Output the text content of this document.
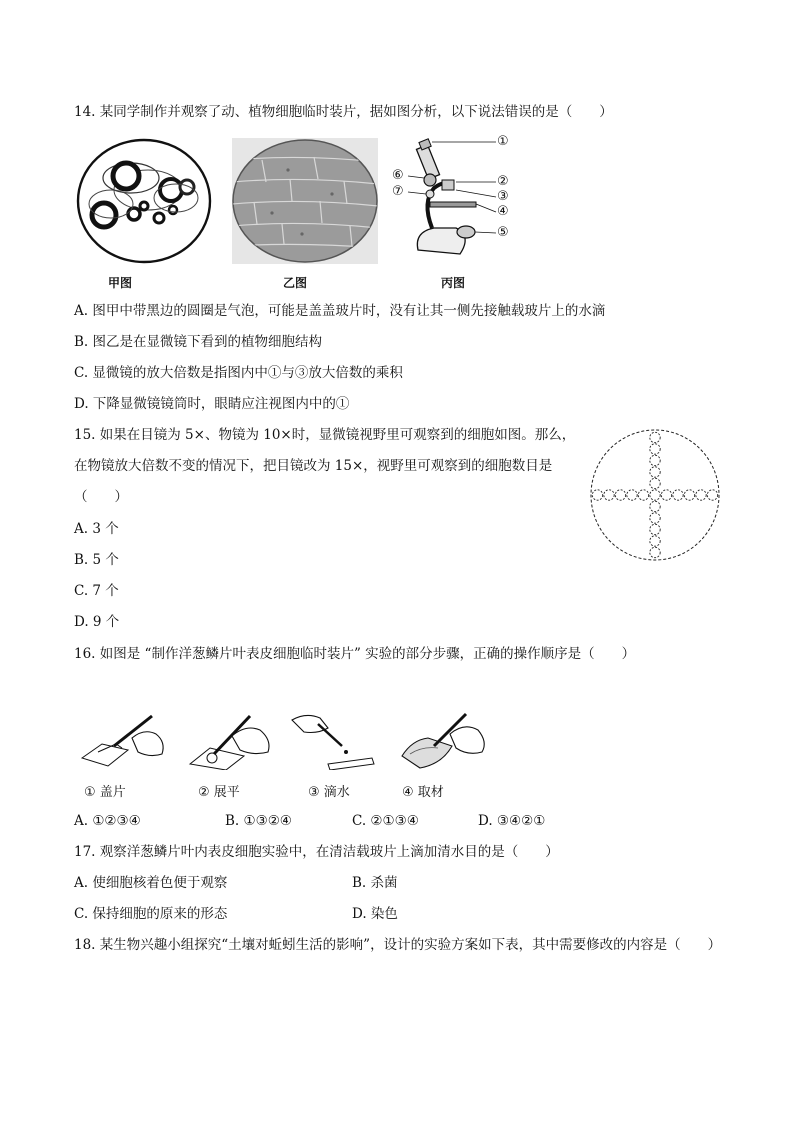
14. 某同学制作并观察了动、植物细胞临时装片，据如图分析，以下说法错误的是（　　）
甲图	乙图
①
②
③
④
⑤
⑥
⑦
丙图
A. 图甲中带黑边的圆圈是气泡，可能是盖盖玻片时，没有让其一侧先接触载玻片上的水滴
B. 图乙是在显微镜下看到的植物细胞结构
C. 显微镜的放大倍数是指图内中①与③放大倍数的乘积
D. 下降显微镜镜筒时，眼睛应注视图内中的①
15. 如果在目镜为 5×、物镜为 10×时，显微镜视野里可观察到的细胞如图。那么，
在物镜放大倍数不变的情况下，把目镜改为 15×，视野里可观察到的细胞数目是
（　　）
A. 3 个
B. 5 个
C. 7 个
D. 9 个
16. 如图是 “制作洋葱鳞片叶表皮细胞临时装片” 实验的部分步骤，正确的操作顺序是（　　）
① 盖片	② 展平	③ 滴水	④ 取材
A. ①②③④	B. ①③②④	C. ②①③④	D. ③④②①
17. 观察洋葱鳞片叶内表皮细胞实验中，在清洁载玻片上滴加清水目的是（　　）
A. 使细胞核着色便于观察	B. 杀菌
C. 保持细胞的原来的形态	D. 染色
18. 某生物兴趣小组探究“土壤对蚯蚓生活的影响”，设计的实验方案如下表，其中需要修改的内容是（　　）
